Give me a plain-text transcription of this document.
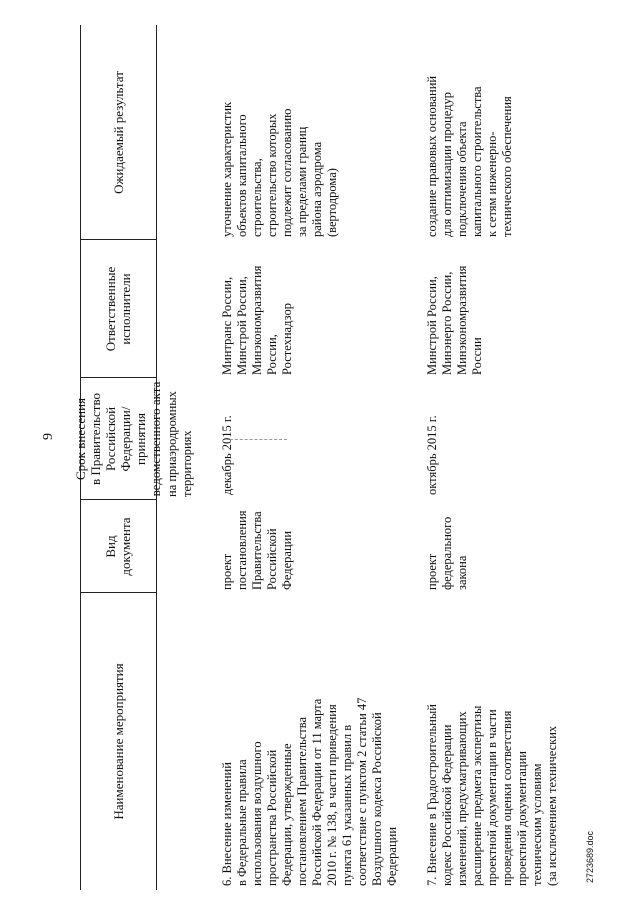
9
2723689.doc
Наименование мероприятия
Вид
документа
Срок внесения
в Правительство
Российской Федерации/
принятия
ведомственного акта
Ответственные
исполнители
Ожидаемый результат
на приаэродромных
территориях
6. Внесение изменений
в Федеральные правила
использования воздушного
пространства Российской
Федерации, утвержденные
постановлением Правительства
Российской Федерации от 11 марта
2010 г. № 138, в части приведения
пункта 61 указанных правил в
соответствие с пунктом 2 статьи 47
Воздушного кодекса Российской
Федерации
проект
постановления
Правительства
Российской
Федерации
декабрь 2015 г.
Минтранс России,
Минстрой России,
Минэкономразвития
России,
Ростехнадзор
уточнение характеристик
объектов капитального
строительства,
строительство которых
подлежит согласованию
за пределами границ
района аэродрома
(вертодрома)
7. Внесение в Градостроительный
кодекс Российской Федерации
изменений, предусматривающих
расширение предмета экспертизы
проектной документации в части
проведения оценки соответствия
проектной документации
техническим условиям
(за исключением технических
проект
федерального
закона
октябрь 2015 г.
Минстрой России,
Минэнерго России,
Минэкономразвития
России
создание правовых оснований
для оптимизации процедур
подключения объекта
капитального строительства
к сетям инженерно-
технического обеспечения
